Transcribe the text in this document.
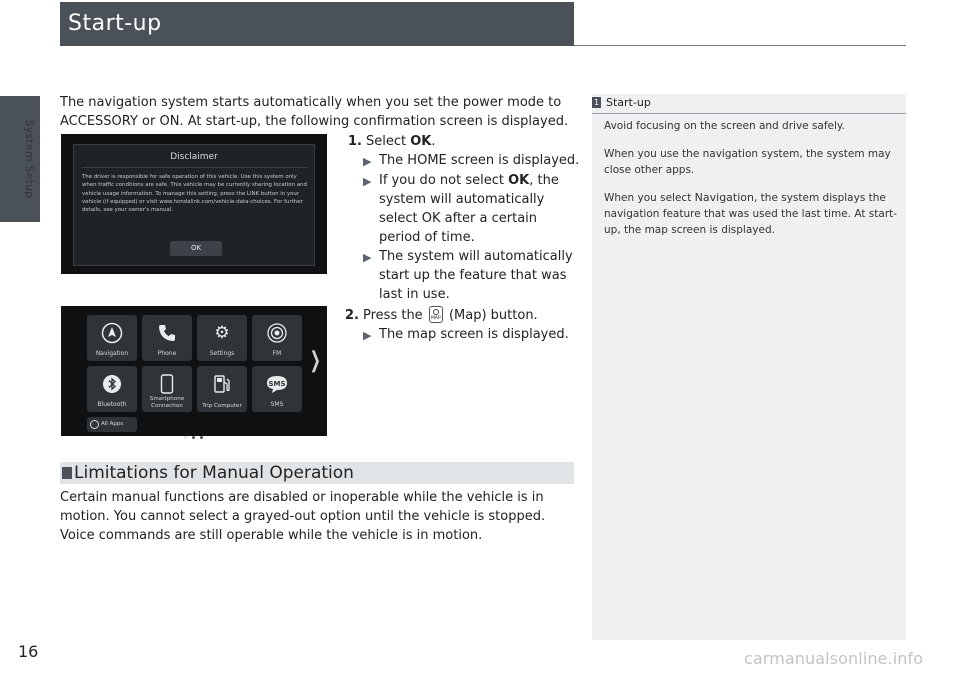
System Setup
Start-up
The navigation system starts automatically when you set the power mode to ACCESSORY or ON. At start-up, the following confirmation screen is displayed.
Disclaimer
The driver is responsible for safe operation of this vehicle. Use this system only when traffic conditions are safe. This vehicle may be currently sharing location and vehicle usage information. To manage this setting, press the LINK button in your vehicle (if equipped) or visit www.hondalink.com/vehicle-data-choices. For further details, see your owner's manual.
OK
Navigation	Phone
⚙
Settings	FM
Bluetooth
Smartphone Connection	Trip Computer
SMS
SMS
❯
All Apps
1. Select OK.
▶ The HOME screen is displayed.
▶ If you do not select OK, the system will automatically select OK after a certain period of time.
▶ The system will automatically start up the feature that was last in use.
2. Press the MAP (Map) button.
▶ The map screen is displayed.
Limitations for Manual Operation
Certain manual functions are disabled or inoperable while the vehicle is in motion. You cannot select a grayed-out option until the vehicle is stopped. Voice commands are still operable while the vehicle is in motion.
1 Start-up

Avoid focusing on the screen and drive safely.

When you use the navigation system, the system may close other apps.

When you select Navigation, the system displays the navigation feature that was used the last time. At start-up, the map screen is displayed.

16	carmanualsonline.info
